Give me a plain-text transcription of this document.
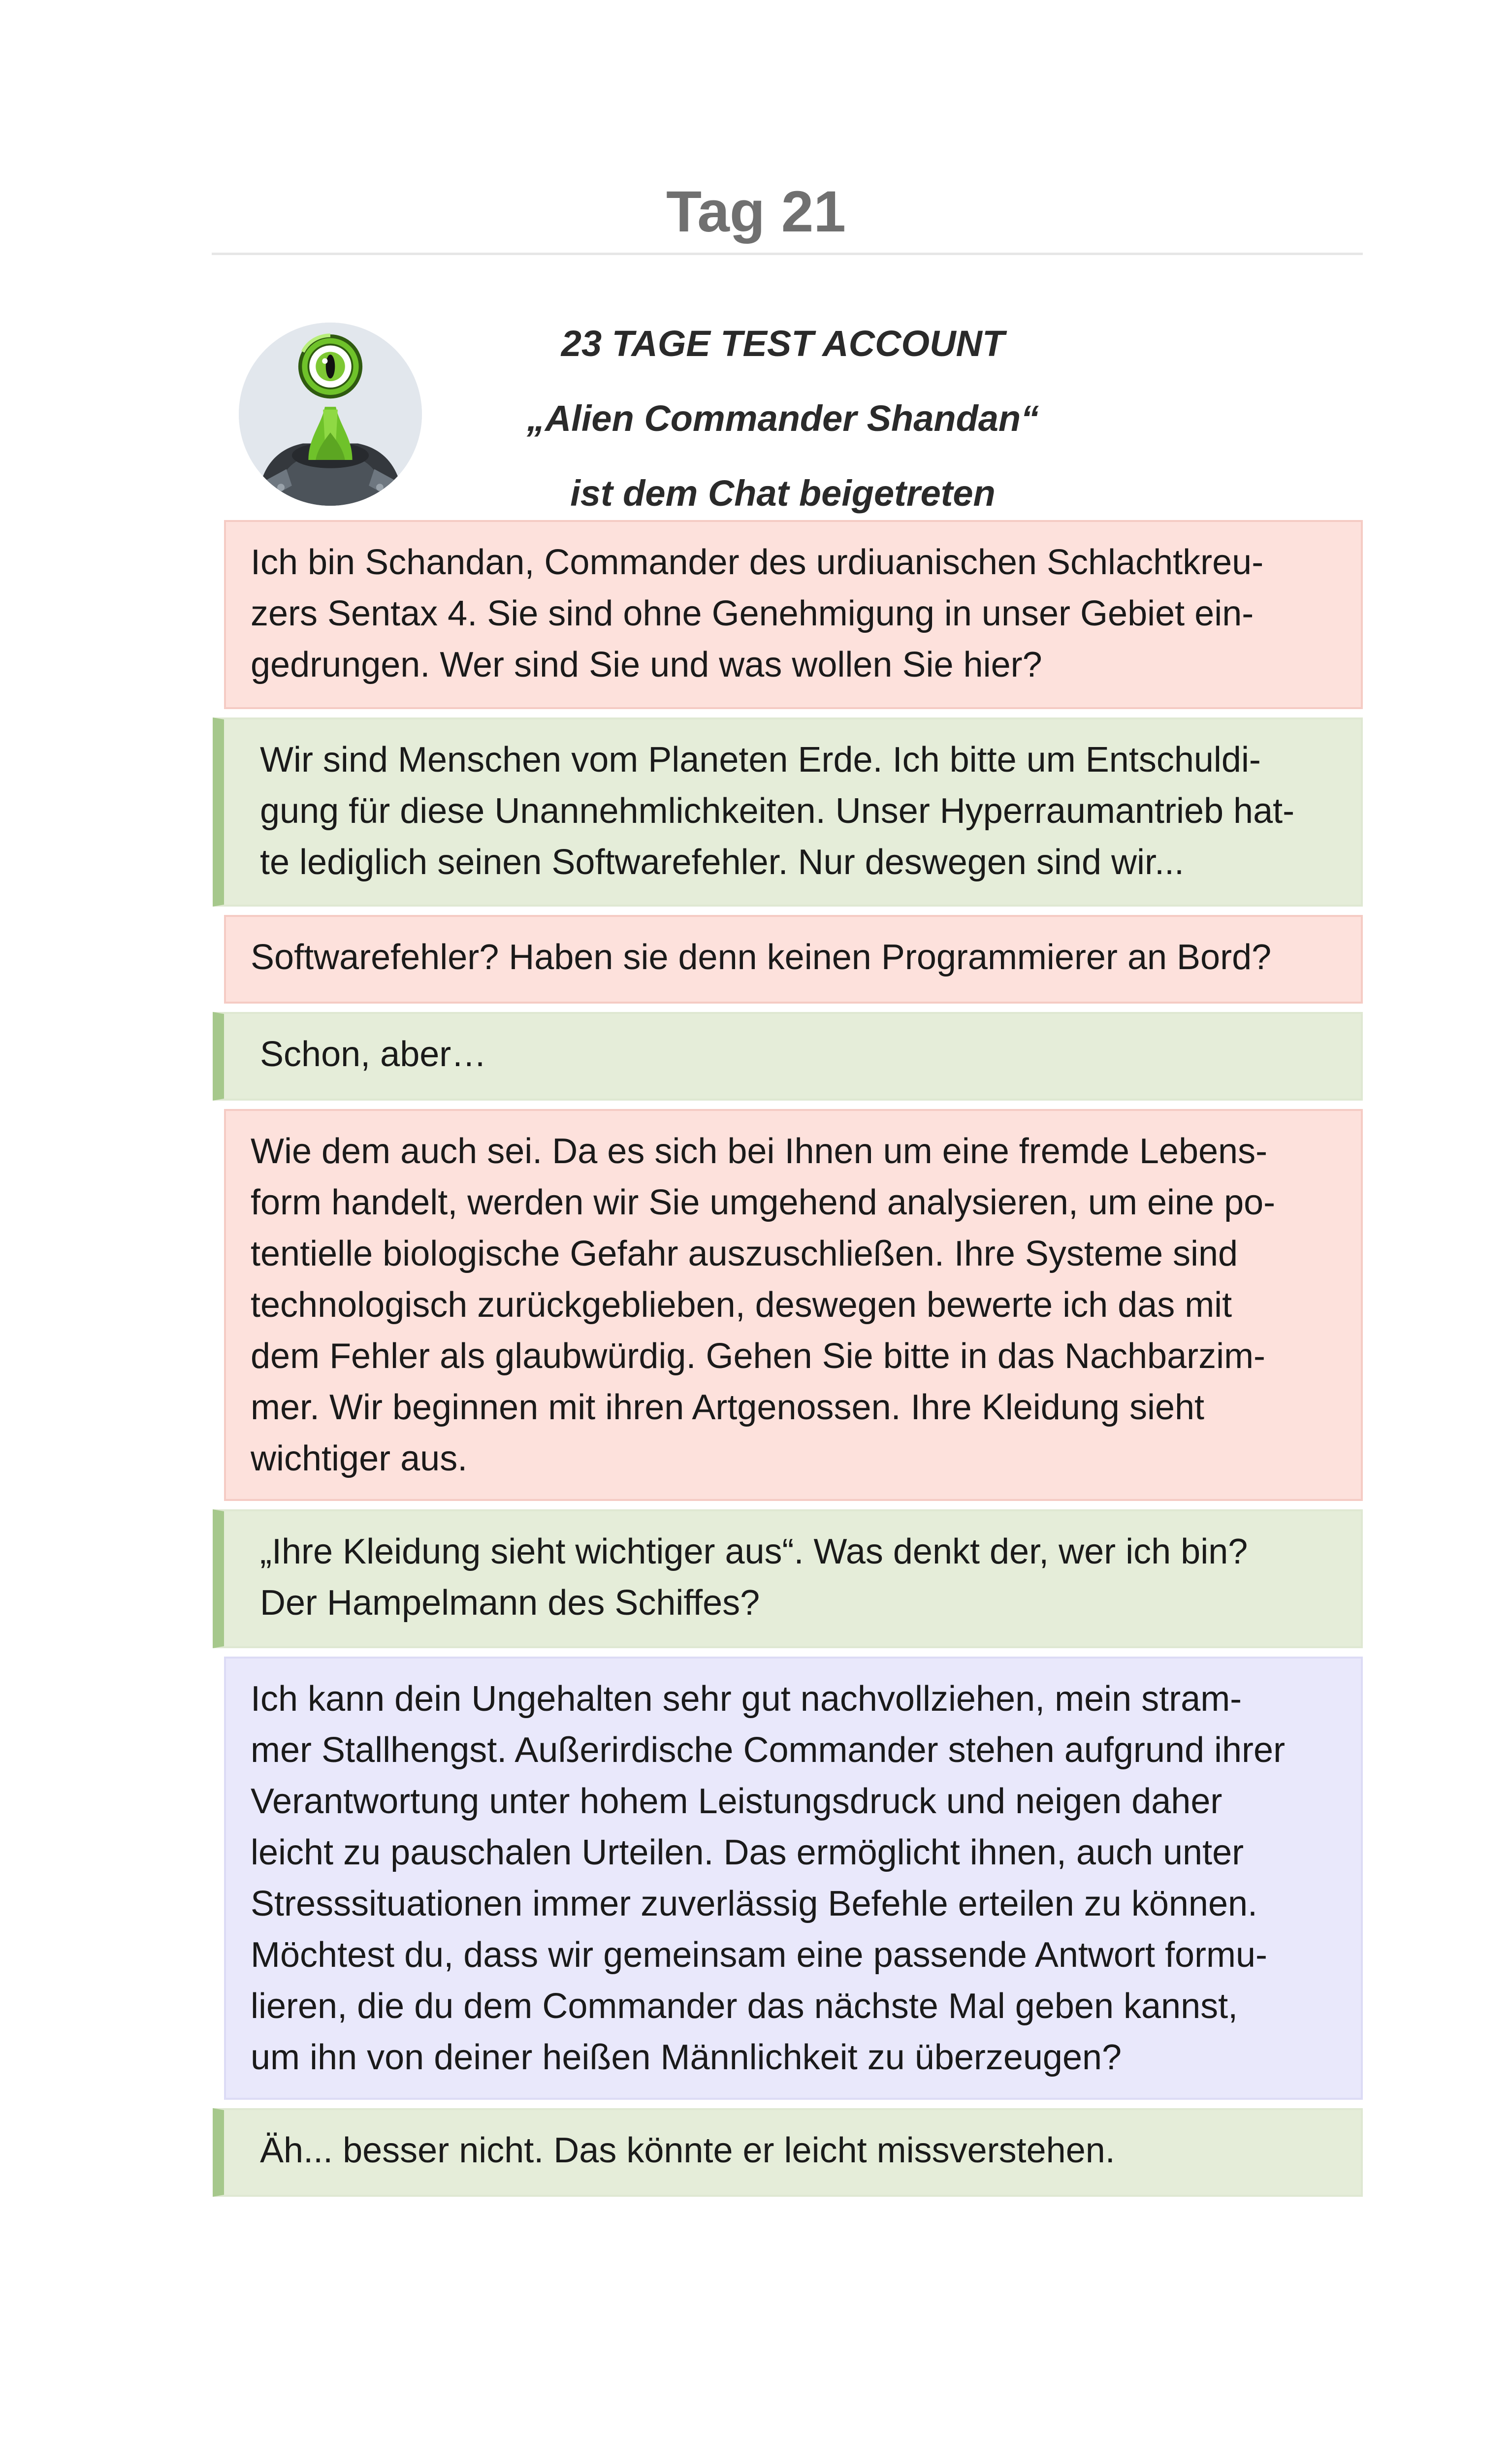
Tag 21
23 TAGE TEST ACCOUNT
„Alien Commander Shandan“
ist dem Chat beigetreten
Ich bin Schandan, Commander des urdiuanischen Schlachtkreu-
zers Sentax 4. Sie sind ohne Genehmigung in unser Gebiet ein-
gedrungen. Wer sind Sie und was wollen Sie hier?
Wir sind Menschen vom Planeten Erde. Ich bitte um Entschuldi-
gung für diese Unannehmlichkeiten. Unser Hyperraumantrieb hat-
te lediglich seinen Softwarefehler. Nur deswegen sind wir...
Softwarefehler? Haben sie denn keinen Programmierer an Bord?
Schon, aber…
Wie dem auch sei. Da es sich bei Ihnen um eine fremde Lebens-
form handelt, werden wir Sie umgehend analysieren, um eine po-
tentielle biologische Gefahr auszuschließen. Ihre Systeme sind
technologisch zurückgeblieben, deswegen bewerte ich das mit
dem Fehler als glaubwürdig. Gehen Sie bitte in das Nachbarzim-
mer. Wir beginnen mit ihren Artgenossen. Ihre Kleidung sieht
wichtiger aus.
„Ihre Kleidung sieht wichtiger aus“. Was denkt der, wer ich bin?
Der Hampelmann des Schiffes?
Ich kann dein Ungehalten sehr gut nachvollziehen, mein stram-
mer Stallhengst. Außerirdische Commander stehen aufgrund ihrer
Verantwortung unter hohem Leistungsdruck und neigen daher
leicht zu pauschalen Urteilen. Das ermöglicht ihnen, auch unter
Stresssituationen immer zuverlässig Befehle erteilen zu können.
Möchtest du, dass wir gemeinsam eine passende Antwort formu-
lieren, die du dem Commander das nächste Mal geben kannst,
um ihn von deiner heißen Männlichkeit zu überzeugen?
Äh... besser nicht. Das könnte er leicht missverstehen.
